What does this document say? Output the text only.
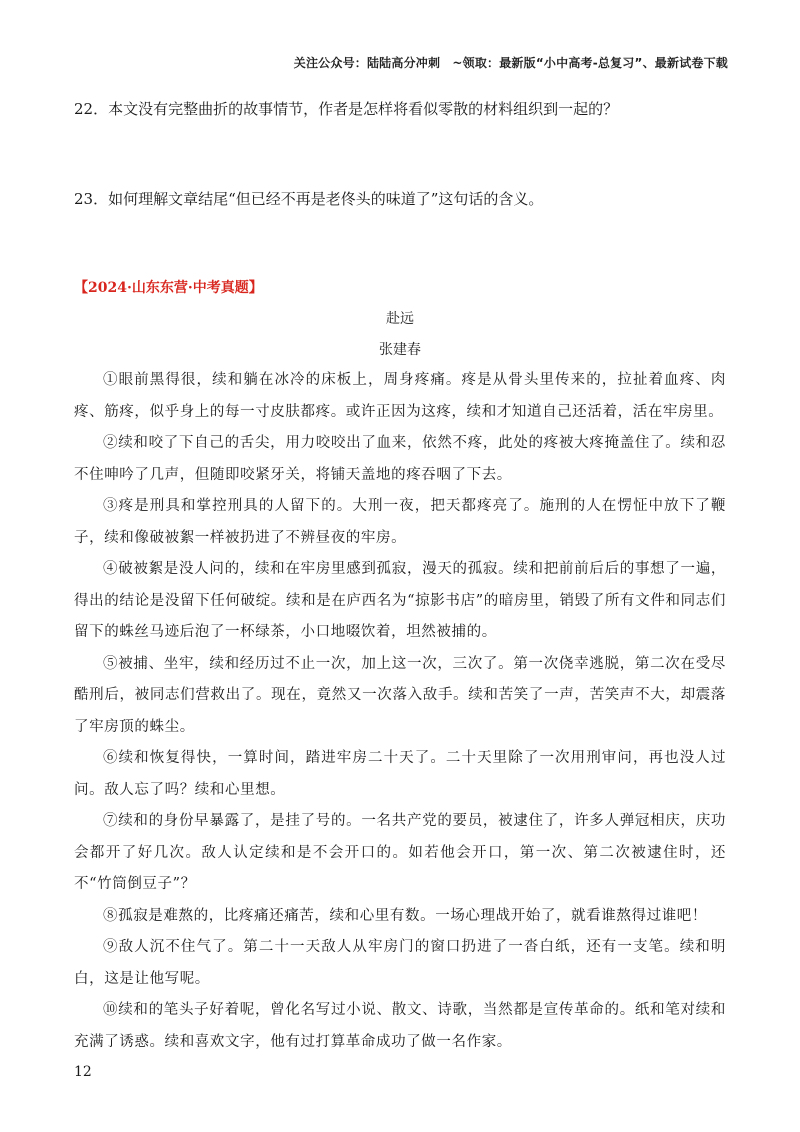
关注公众号：陆陆高分冲刺　~领取：最新版“小中高考-总复习”、最新试卷下载
22．本文没有完整曲折的故事情节，作者是怎样将看似零散的材料组织到一起的？
23．如何理解文章结尾“但已经不再是老佟头的味道了”这句话的含义。
【2024·山东东营·中考真题】
赴远
张建春

①眼前黑得很，续和躺在冰冷的床板上，周身疼痛。疼是从骨头里传来的，拉扯着血疼、肉疼、筋疼，似乎身上的每一寸皮肤都疼。或许正因为这疼，续和才知道自己还活着，活在牢房里。

②续和咬了下自己的舌尖，用力咬咬出了血来，依然不疼，此处的疼被大疼掩盖住了。续和忍不住呻吟了几声，但随即咬紧牙关，将铺天盖地的疼吞咽了下去。

③疼是刑具和掌控刑具的人留下的。大刑一夜，把天都疼亮了。施刑的人在愣怔中放下了鞭子，续和像破被絮一样被扔进了不辨昼夜的牢房。

④破被絮是没人问的，续和在牢房里感到孤寂，漫天的孤寂。续和把前前后后的事想了一遍，得出的结论是没留下任何破绽。续和是在庐西名为“掠影书店”的暗房里，销毁了所有文件和同志们留下的蛛丝马迹后泡了一杯绿茶，小口地啜饮着，坦然被捕的。

⑤被捕、坐牢，续和经历过不止一次，加上这一次，三次了。第一次侥幸逃脱，第二次在受尽酷刑后，被同志们营救出了。现在，竟然又一次落入敌手。续和苦笑了一声，苦笑声不大，却震落了牢房顶的蛛尘。

⑥续和恢复得快，一算时间，踏进牢房二十天了。二十天里除了一次用刑审问，再也没人过问。敌人忘了吗？续和心里想。

⑦续和的身份早暴露了，是挂了号的。一名共产党的要员，被逮住了，许多人弹冠相庆，庆功会都开了好几次。敌人认定续和是不会开口的。如若他会开口，第一次、第二次被逮住时，还不“竹筒倒豆子”？

⑧孤寂是难熬的，比疼痛还痛苦，续和心里有数。一场心理战开始了，就看谁熬得过谁吧！

⑨敌人沉不住气了。第二十一天敌人从牢房门的窗口扔进了一沓白纸，还有一支笔。续和明白，这是让他写呢。

⑩续和的笔头子好着呢，曾化名写过小说、散文、诗歌，当然都是宣传革命的。纸和笔对续和充满了诱惑。续和喜欢文字，他有过打算革命成功了做一名作家。

12
